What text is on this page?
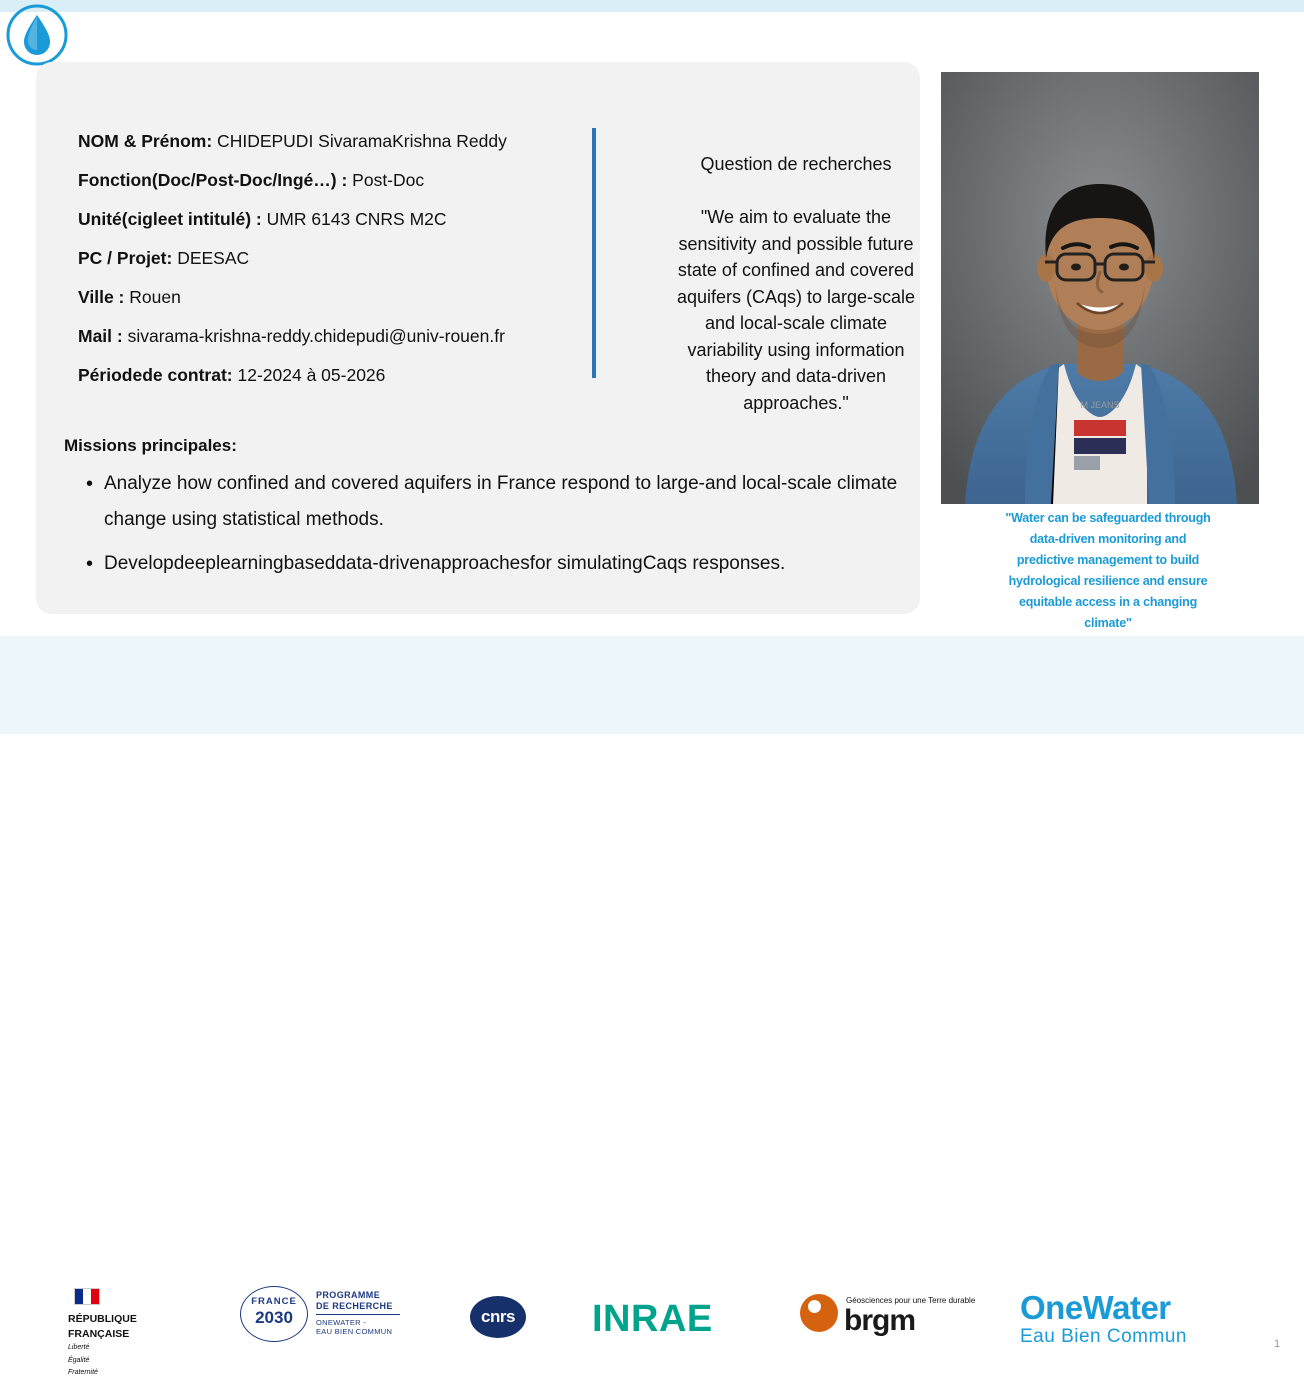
NOM & Prénom: CHIDEPUDI SivaramaKrishna Reddy
Fonction(Doc/Post-Doc/Ingé…) : Post-Doc
Unité(cigleet intitulé) : UMR 6143 CNRS M2C
PC / Projet: DEESAC
Ville : Rouen
Mail : sivarama-krishna-reddy.chidepudi@univ-rouen.fr
Périodede contrat: 12-2024 à 05-2026
Missions principales:
• Analyze how confined and covered aquifers in France respond to large-and local-scale climate change using statistical methods.
• Developdeeplearningbaseddata-drivenapproachesfor simulatingCaqs responses.
Question de recherches
"We aim to evaluate the sensitivity and possible future state of confined and covered aquifers (CAqs) to large-scale and local-scale climate variability using information theory and data-driven approaches."	M JEANS
"Water can be safeguarded through data-driven monitoring and predictive management to build hydrological resilience and ensure equitable access in a changing climate"
RÉPUBLIQUE
FRANÇAISE
Liberté
Égalité
Fraternité
FRANCE
2030
PROGRAMME
DE RECHERCHE
ONEWATER -
EAU BIEN COMMUN
cnrs INRAE	Géosciences pour une Terre durable
brgm	OneWater
Eau Bien Commun	1
